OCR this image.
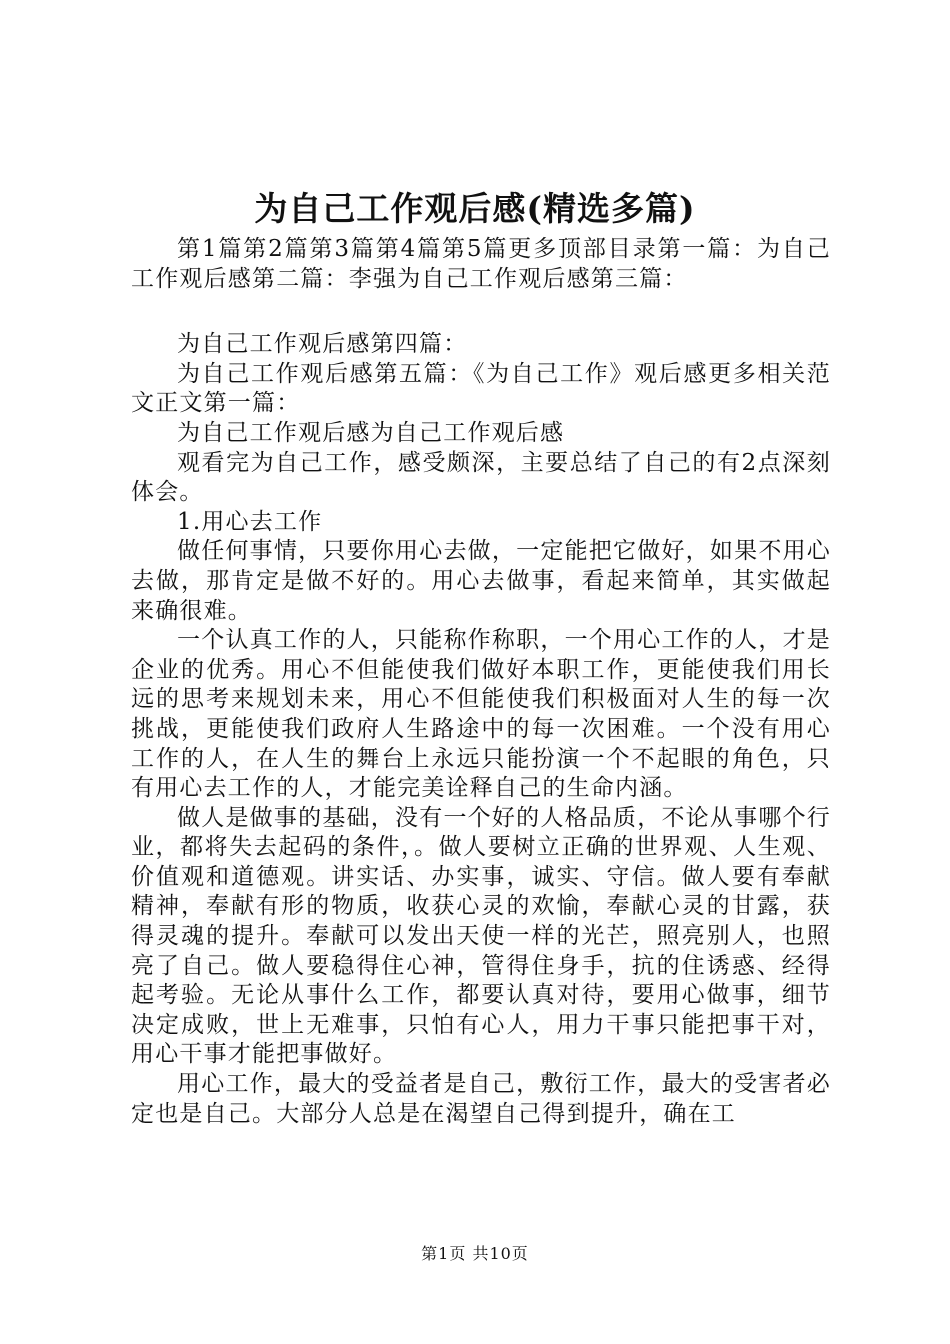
为自己工作观后感(精选多篇)

第1篇第2篇第3篇第4篇第5篇更多顶部目录第一篇：为自己工作观后感第二篇：李强为自己工作观后感第三篇：

为自己工作观后感第四篇：

为自己工作观后感第五篇：《为自己工作》观后感更多相关范文正文第一篇：

为自己工作观后感为自己工作观后感

观看完为自己工作，感受颇深，主要总结了自己的有2点深刻体会。

1.用心去工作

做任何事情，只要你用心去做，一定能把它做好，如果不用心去做，那肯定是做不好的。用心去做事，看起来简单，其实做起来确很难。

一个认真工作的人，只能称作称职，一个用心工作的人，才是企业的优秀。用心不但能使我们做好本职工作，更能使我们用长远的思考来规划未来，用心不但能使我们积极面对人生的每一次挑战，更能使我们政府人生路途中的每一次困难。一个没有用心工作的人，在人生的舞台上永远只能扮演一个不起眼的角色，只有用心去工作的人，才能完美诠释自己的生命内涵。

做人是做事的基础，没有一个好的人格品质，不论从事哪个行业，都将失去起码的条件，。做人要树立正确的世界观、人生观、价值观和道德观。讲实话、办实事，诚实、守信。做人要有奉献精神，奉献有形的物质，收获心灵的欢愉，奉献心灵的甘露，获得灵魂的提升。奉献可以发出天使一样的光芒，照亮别人，也照亮了自己。做人要稳得住心神，管得住身手，抗的住诱惑、经得起考验。无论从事什么工作，都要认真对待，要用心做事，细节决定成败，世上无难事，只怕有心人，用力干事只能把事干对，用心干事才能把事做好。

用心工作，最大的受益者是自己，敷衍工作，最大的受害者必定也是自己。大部分人总是在渴望自己得到提升，确在工

第1页 共10页
